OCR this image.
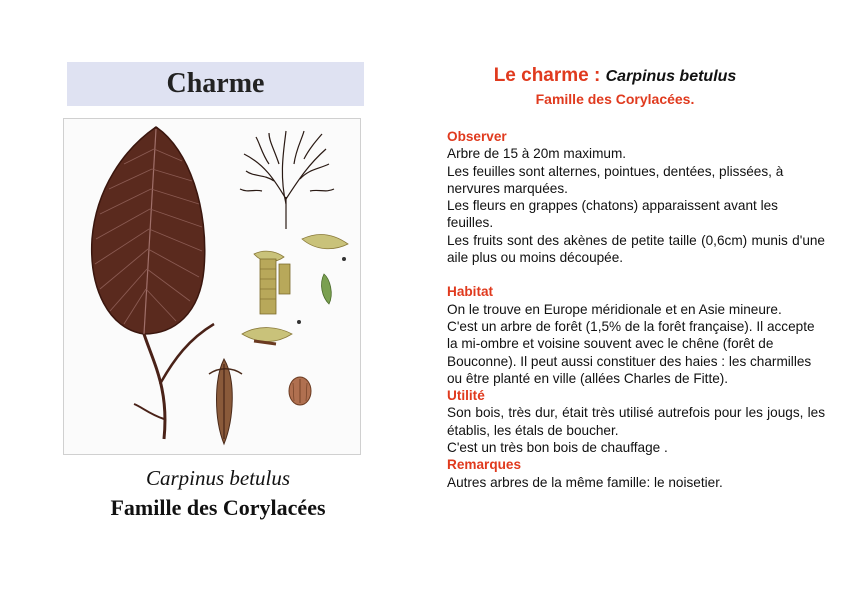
Charme
Carpinus betulus
Famille des Corylacées
Le charme : Carpinus betulus
Famille des Corylacées.
Observer

Arbre de 15 à 20m maximum.

Les feuilles sont alternes, pointues, dentées, plissées, à nervures marquées.

Les fleurs en grappes (chatons) apparaissent avant les feuilles.

Les fruits sont des akènes de petite taille (0,6cm) munis d'une aile plus ou moins découpée.

Habitat

On le trouve en Europe méridionale et en Asie mineure.

C'est un arbre de forêt (1,5% de la forêt française). Il accepte la mi-ombre et voisine souvent avec le chêne (forêt de Bouconne). Il peut aussi constituer des haies : les charmilles ou être planté en ville (allées Charles de Fitte).

Utilité

Son bois, très dur, était très utilisé autrefois pour les jougs, les établis, les étals de boucher.

C'est un très bon bois de chauffage .

Remarques

Autres arbres de la même famille: le noisetier.
